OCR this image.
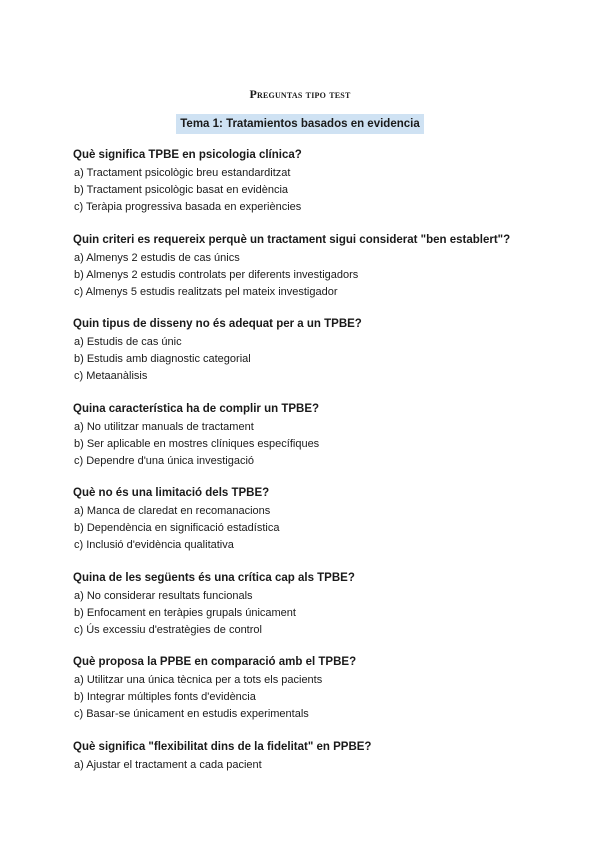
Preguntas tipo test
Tema 1: Tratamientos basados en evidencia
Què significa TPBE en psicologia clínica?
a) Tractament psicològic breu estandarditzat
b) Tractament psicològic basat en evidència
c) Teràpia progressiva basada en experiències
Quin criteri es requereix perquè un tractament sigui considerat "ben establert"?
a) Almenys 2 estudis de cas únics
b) Almenys 2 estudis controlats per diferents investigadors
c) Almenys 5 estudis realitzats pel mateix investigador
Quin tipus de disseny no és adequat per a un TPBE?
a) Estudis de cas únic
b) Estudis amb diagnostic categorial
c) Metaanàlisis
Quina característica ha de complir un TPBE?
a) No utilitzar manuals de tractament
b) Ser aplicable en mostres clíniques específiques
c) Dependre d'una única investigació
Què no és una limitació dels TPBE?
a) Manca de claredat en recomanacions
b) Dependència en significació estadística
c) Inclusió d'evidència qualitativa
Quina de les següents és una crítica cap als TPBE?
a) No considerar resultats funcionals
b) Enfocament en teràpies grupals únicament
c) Ús excessiu d'estratègies de control
Què proposa la PPBE en comparació amb el TPBE?
a) Utilitzar una única tècnica per a tots els pacients
b) Integrar múltiples fonts d'evidència
c) Basar-se únicament en estudis experimentals
Què significa "flexibilitat dins de la fidelitat" en PPBE?
a) Ajustar el tractament a cada pacient
